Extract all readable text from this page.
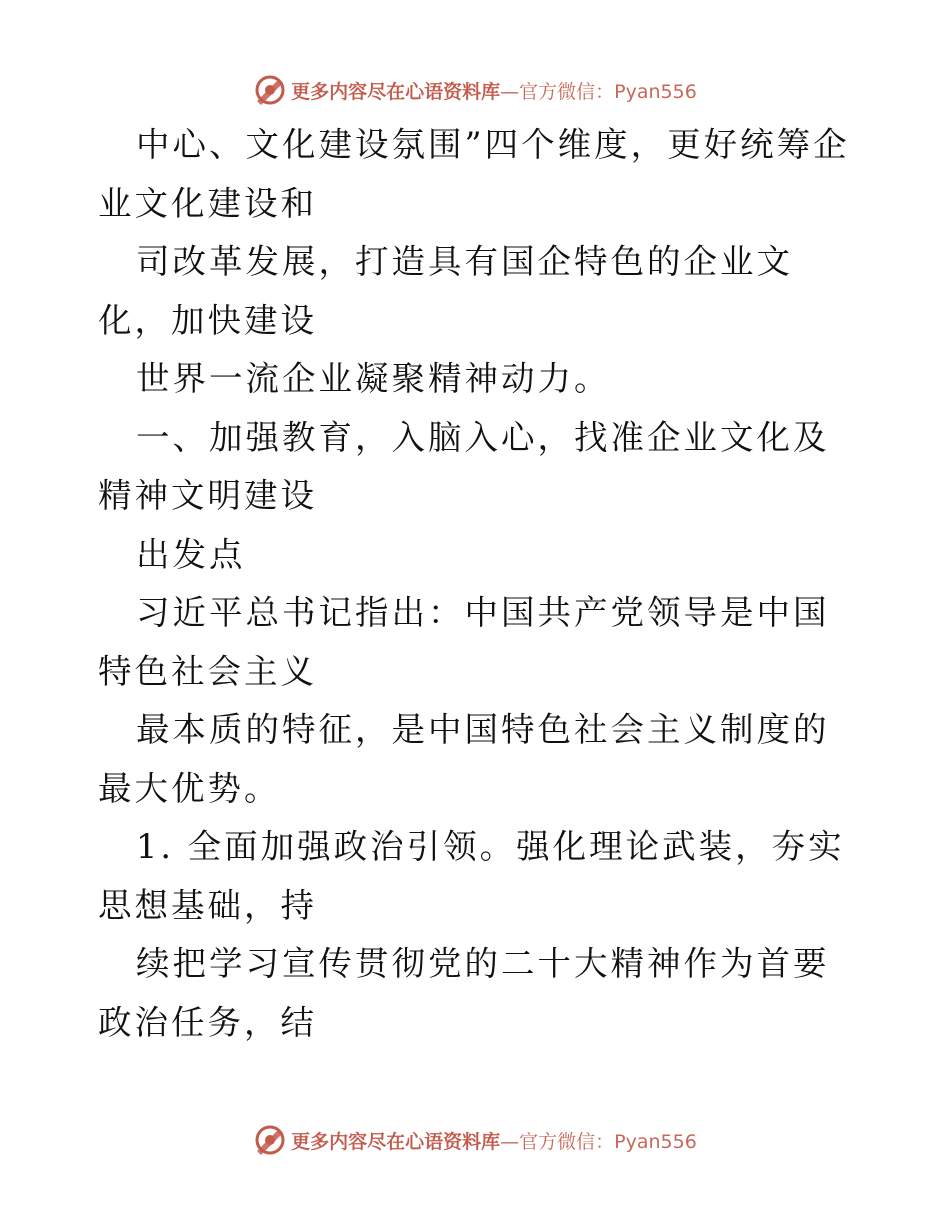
更多内容尽在心语资料库—官方微信：Pyan556

中心、文化建设氛围”四个维度，更好统筹企业文化建设和

司改革发展，打造具有国企特色的企业文化，加快建设

世界一流企业凝聚精神动力。

一、加强教育，入脑入心，找准企业文化及精神文明建设

出发点

习近平总书记指出：中国共产党领导是中国特色社会主义

最本质的特征，是中国特色社会主义制度的最大优势。

1. 全面加强政治引领。强化理论武装，夯实思想基础，持

续把学习宣传贯彻党的二十大精神作为首要政治任务，结

更多内容尽在心语资料库—官方微信：Pyan556
